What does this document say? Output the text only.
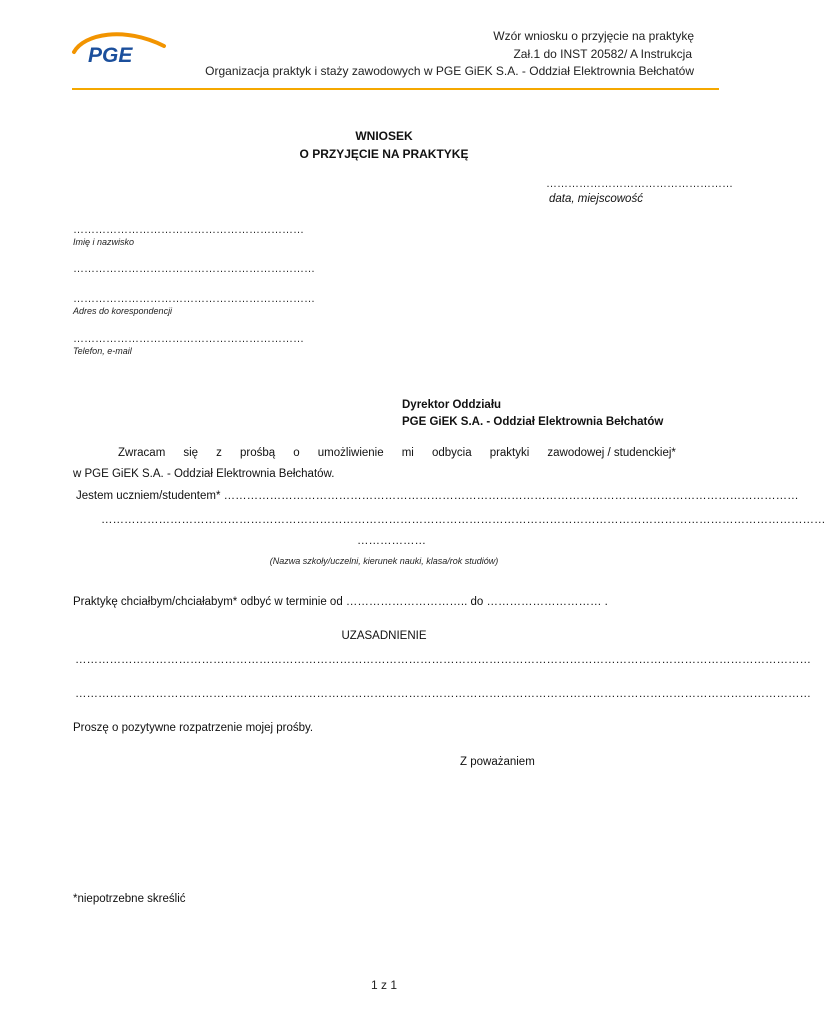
PGE
Wzór wniosku o przyjęcie na praktykę
Zał.1 do INST 20582/ A Instrukcja
Organizacja praktyk i staży zawodowych w PGE GiEK S.A. - Oddział Elektrownia Bełchatów
WNIOSEK
O PRZYJĘCIE NA PRAKTYKĘ
……………………………………………
data, miejscowość
………………………………………………………
Imię i nazwisko
…………………………………………………………
…………………………………………………………
Adres do korespondencji
………………………………………………………
Telefon, e-mail
Dyrektor Oddziału
PGE GiEK S.A. - Oddział Elektrownia Bełchatów
Zwracam się z prośbą o umożliwienie mi odbycia praktyki zawodowej / studenckiej*
w PGE GiEK S.A. - Oddział Elektrownia Bełchatów.
Jestem uczniem/studentem* ……………………………………………………………………………………………………………………………………
………………………………………………………………………………………………………………………………………………………………………
………………
(Nazwa szkoły/uczelni, kierunek nauki, klasa/rok studiów)
Praktykę chciałbym/chciałabym* odbyć w terminie od ………………………….. do ………………………… .
UZASADNIENIE
…………………………………………………………………………………………………………………………………………………………………………
…………………………………………………………………………………………………………………………………………………………………………
Proszę o pozytywne rozpatrzenie mojej prośby.
Z poważaniem
*niepotrzebne skreślić
1 z 1
